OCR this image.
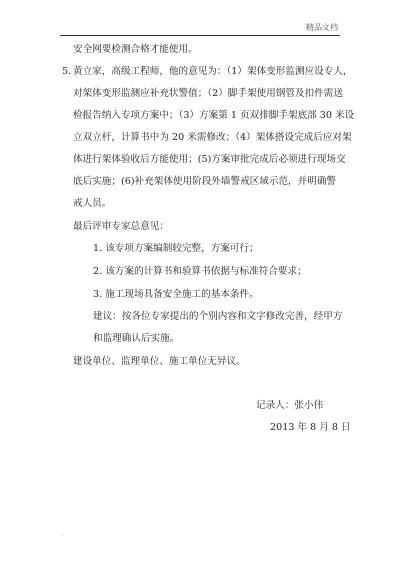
精品文档
安全网要检测合格才能使用。
5. 黄立家，高级工程师，他的意见为：（1）架体变形监测应设专人，
对架体变形监测应补充状警值；（2）脚手架使用钢管及扣件需送
检报告纳入专项方案中；（3）方案第 1 页双排脚手架底部 30 米设
立双立杆，计算书中为 20 米需修改；（4）架体搭设完成后应对架
体进行架体验收后方能使用；(5)方案审批完成后必须进行现场交
底后实施；(6)补充架体使用阶段外墙警戒区域示范，并明确警
戒人员。
最后评审专家总意见：
1. 该专项方案编制较完整，方案可行；
2. 该方案的计算书和验算书依据与标准符合要求；
3. 施工现场具备安全施工的基本条件。
建议：按各位专家提出的个别内容和文字修改完善，经甲方
和监理确认后实施。
建设单位、监理单位、施工单位无异议。
记录人：张小伟
2013 年 8 月 8 日
.
